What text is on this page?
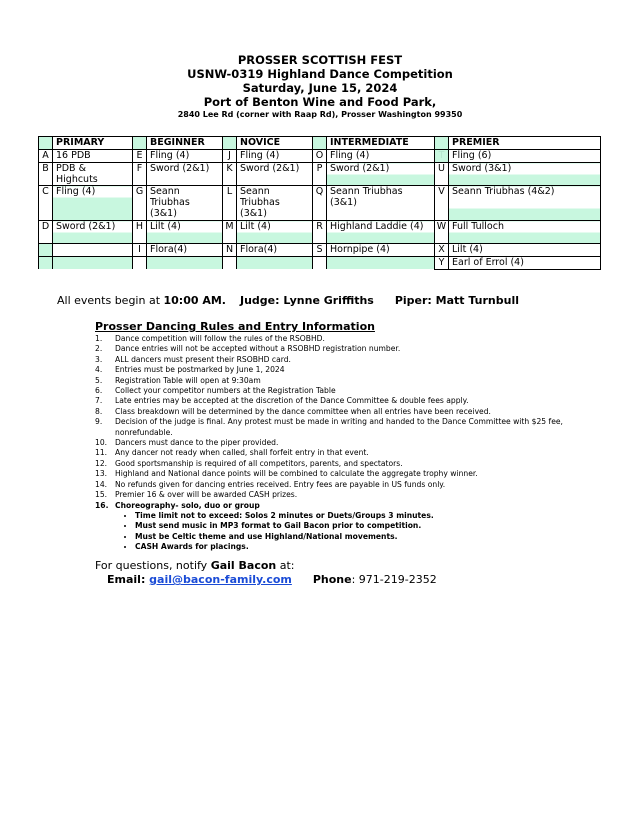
PROSSER SCOTTISH FEST
USNW-0319 Highland Dance Competition
Saturday, June 15, 2024
Port of Benton Wine and Food Park,
2840 Lee Rd (corner with Raap Rd), Prosser Washington 99350
	PRIMARY		BEGINNER		NOVICE		INTERMEDIATE		PREMIER
A	16 PDB	E	Fling (4)	J	Fling (4)	O	Fling (4)	T	Fling (6)
B	PDB & Highcuts	F	Sword (2&1)	K	Sword (2&1)	P	Sword (2&1)	U	Sword (3&1)
C	Fling (4)	G	Seann Triubhas (3&1)	L	Seann Triubhas (3&1)	Q	Seann Triubhas (3&1)	V	Seann Triubhas (4&2)
D	Sword (2&1)	H	Lilt (4)	M	Lilt (4)	R	Highland Laddie (4)	W	Full Tulloch
		I	Flora(4)	N	Flora(4)	S	Hornpipe (4)	X	Lilt (4)
								Y	Earl of Errol (4)
All events begin at 10:00 AM. Judge: Lynne Griffiths Piper: Matt Turnbull
Prosser Dancing Rules and Entry Information
1.	Dance competition will follow the rules of the RSOBHD.
2.	Dance entries will not be accepted without a RSOBHD registration number.
3.	ALL dancers must present their RSOBHD card.
4.	Entries must be postmarked by June 1, 2024
5.	Registration Table will open at 9:30am
6.	Collect your competitor numbers at the Registration Table
7.	Late entries may be accepted at the discretion of the Dance Committee & double fees apply.
8.	Class breakdown will be determined by the dance committee when all entries have been received.
9.	Decision of the judge is final. Any protest must be made in writing and handed to the Dance Committee with $25 fee, nonrefundable.
10.	Dancers must dance to the piper provided.
11.	Any dancer not ready when called, shall forfeit entry in that event.
12.	Good sportsmanship is required of all competitors, parents, and spectators.
13.	Highland and National dance points will be combined to calculate the aggregate trophy winner.
14.	No refunds given for dancing entries received. Entry fees are payable in US funds only.
15.	Premier 16 & over will be awarded CASH prizes.
16. Choreography- solo, duo or group
• Time limit not to exceed: Solos 2 minutes or Duets/Groups 3 minutes.
• Must send music in MP3 format to Gail Bacon prior to competition.
• Must be Celtic theme and use Highland/National movements.
• CASH Awards for placings.
For questions, notify Gail Bacon at:
Email: gail@bacon-family.com Phone: 971-219-2352
